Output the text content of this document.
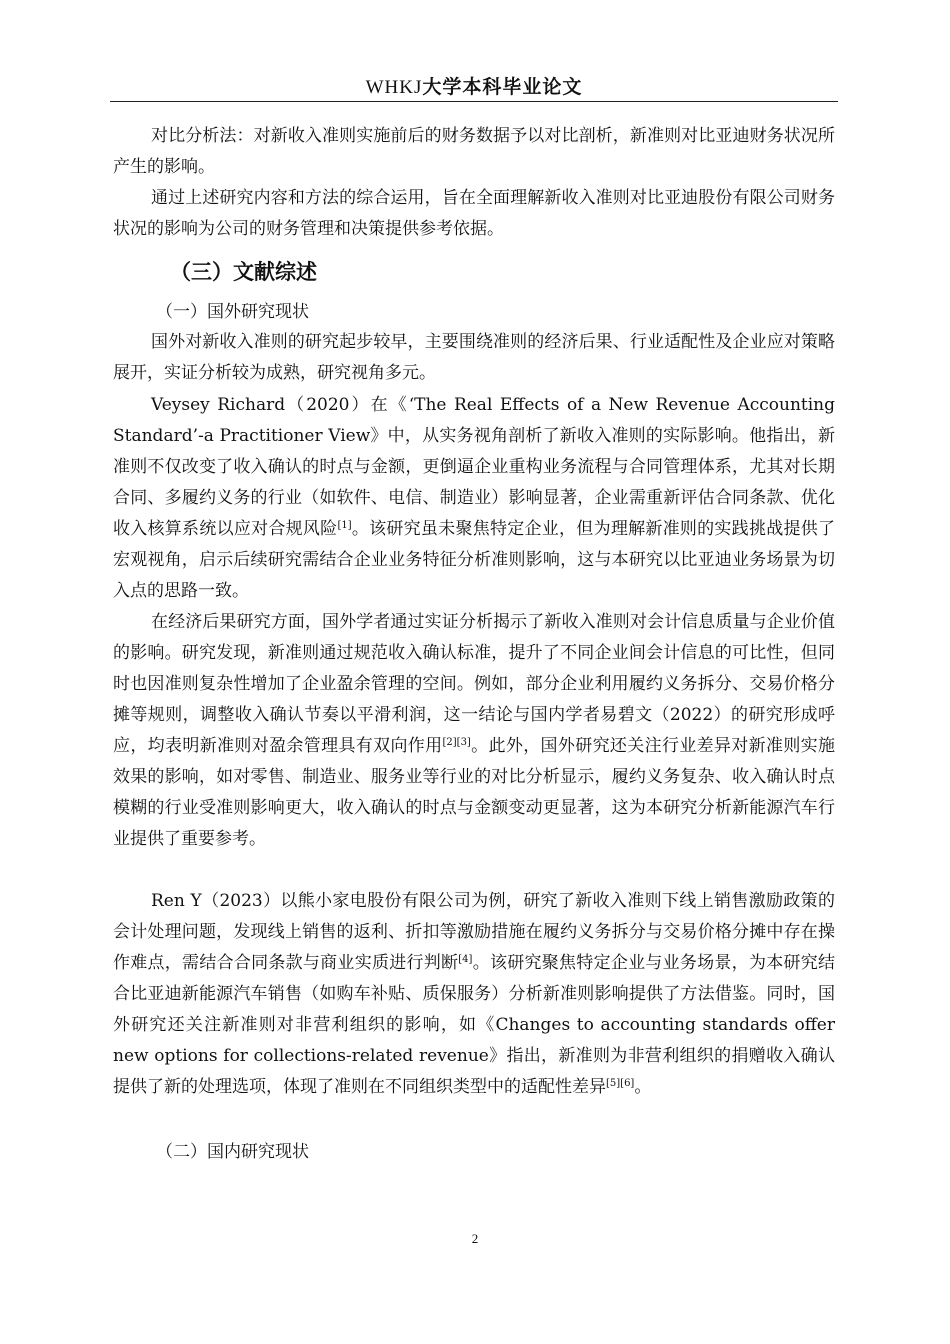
WHKJ大学本科毕业论文

对比分析法：对新收入准则实施前后的财务数据予以对比剖析，新准则对比亚迪财务状况所产生的影响。

通过上述研究内容和方法的综合运用，旨在全面理解新收入准则对比亚迪股份有限公司财务状况的影响为公司的财务管理和决策提供参考依据。

（三）文献综述

（一）国外研究现状

国外对新收入准则的研究起步较早，主要围绕准则的经济后果、行业适配性及企业应对策略展开，实证分析较为成熟，研究视角多元。

Veysey Richard（2020）在《‘The Real Effects of a New Revenue Accounting Standard’-a Practitioner View》中，从实务视角剖析了新收入准则的实际影响。他指出，新准则不仅改变了收入确认的时点与金额，更倒逼企业重构业务流程与合同管理体系，尤其对长期合同、多履约义务的行业（如软件、电信、制造业）影响显著，企业需重新评估合同条款、优化收入核算系统以应对合规风险[1]。该研究虽未聚焦特定企业，但为理解新准则的实践挑战提供了宏观视角，启示后续研究需结合企业业务特征分析准则影响，这与本研究以比亚迪业务场景为切入点的思路一致。

在经济后果研究方面，国外学者通过实证分析揭示了新收入准则对会计信息质量与企业价值的影响。研究发现，新准则通过规范收入确认标准，提升了不同企业间会计信息的可比性，但同时也因准则复杂性增加了企业盈余管理的空间。例如，部分企业利用履约义务拆分、交易价格分摊等规则，调整收入确认节奏以平滑利润，这一结论与国内学者易碧文（2022）的研究形成呼应，均表明新准则对盈余管理具有双向作用[2][3]。此外，国外研究还关注行业差异对新准则实施效果的影响，如对零售、制造业、服务业等行业的对比分析显示，履约义务复杂、收入确认时点模糊的行业受准则影响更大，收入确认的时点与金额变动更显著，这为本研究分析新能源汽车行业提供了重要参考。

Ren Y（2023）以熊小家电股份有限公司为例，研究了新收入准则下线上销售激励政策的会计处理问题，发现线上销售的返利、折扣等激励措施在履约义务拆分与交易价格分摊中存在操作难点，需结合合同条款与商业实质进行判断[4]。该研究聚焦特定企业与业务场景，为本研究结合比亚迪新能源汽车销售（如购车补贴、质保服务）分析新准则影响提供了方法借鉴。同时，国外研究还关注新准则对非营利组织的影响，如《Changes to accounting standards offer new options for collections-related revenue》指出，新准则为非营利组织的捐赠收入确认提供了新的处理选项，体现了准则在不同组织类型中的适配性差异[5][6]。

（二）国内研究现状

2
